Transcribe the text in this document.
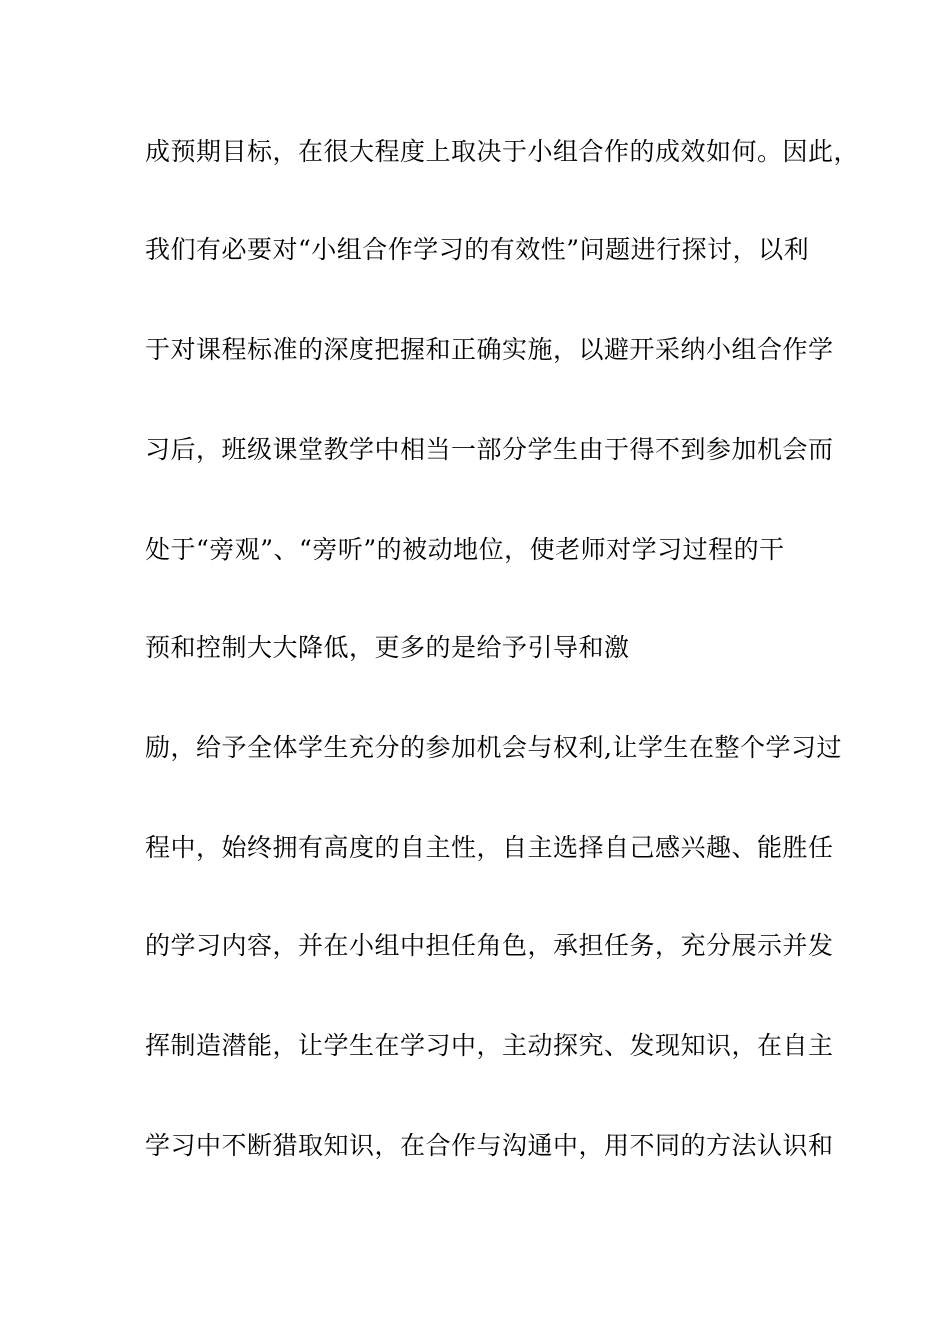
成预期目标，在很大程度上取决于小组合作的成效如何。因此，
我们有必要对“小组合作学习的有效性”问题进行探讨，以利
于对课程标准的深度把握和正确实施，以避开采纳小组合作学
习后，班级课堂教学中相当一部分学生由于得不到参加机会而
处于“旁观”、“旁听”的被动地位，使老师对学习过程的干
预和控制大大降低，更多的是给予引导和激
励，给予全体学生充分的参加机会与权利,让学生在整个学习过
程中，始终拥有高度的自主性，自主选择自己感兴趣、能胜任
的学习内容，并在小组中担任角色，承担任务，充分展示并发
挥制造潜能，让学生在学习中，主动探究、发现知识，在自主
学习中不断猎取知识，在合作与沟通中，用不同的方法认识和
